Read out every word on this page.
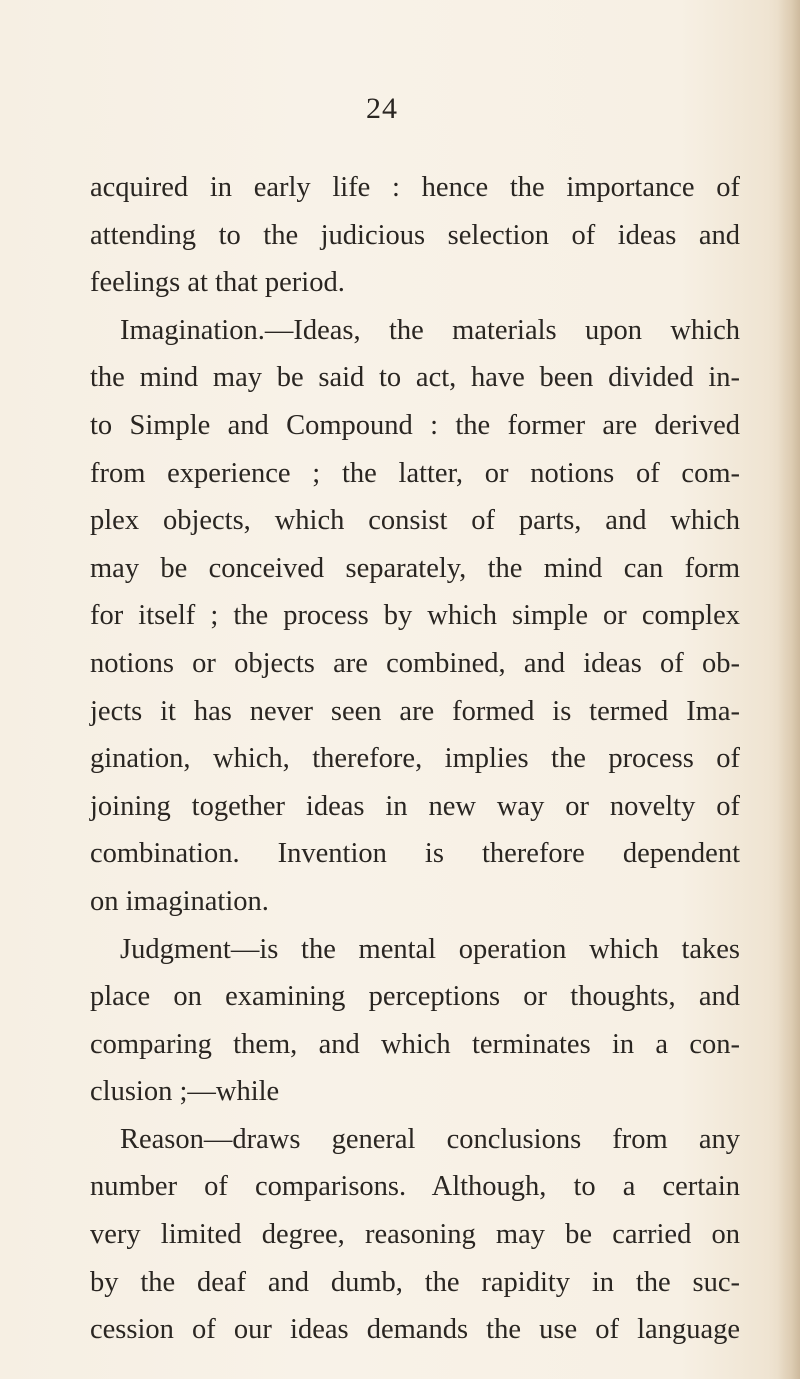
24
acquired in early life : hence the importance of
attending to the judicious selection of ideas and
feelings at that period.
Imagination.—Ideas, the materials upon which
the mind may be said to act, have been divided in-
to Simple and Compound : the former are derived
from experience ; the latter, or notions of com-
plex objects, which consist of parts, and which
may be conceived separately, the mind can form
for itself ; the process by which simple or complex
notions or objects are combined, and ideas of ob-
jects it has never seen are formed is termed Ima-
gination, which, therefore, implies the process of
joining together ideas in new way or novelty of
combination. Invention is therefore dependent
on imagination.
Judgment—is the mental operation which takes
place on examining perceptions or thoughts, and
comparing them, and which terminates in a con-
clusion ;—while
Reason—draws general conclusions from any
number of comparisons. Although, to a certain
very limited degree, reasoning may be carried on
by the deaf and dumb, the rapidity in the suc-
cession of our ideas demands the use of language
